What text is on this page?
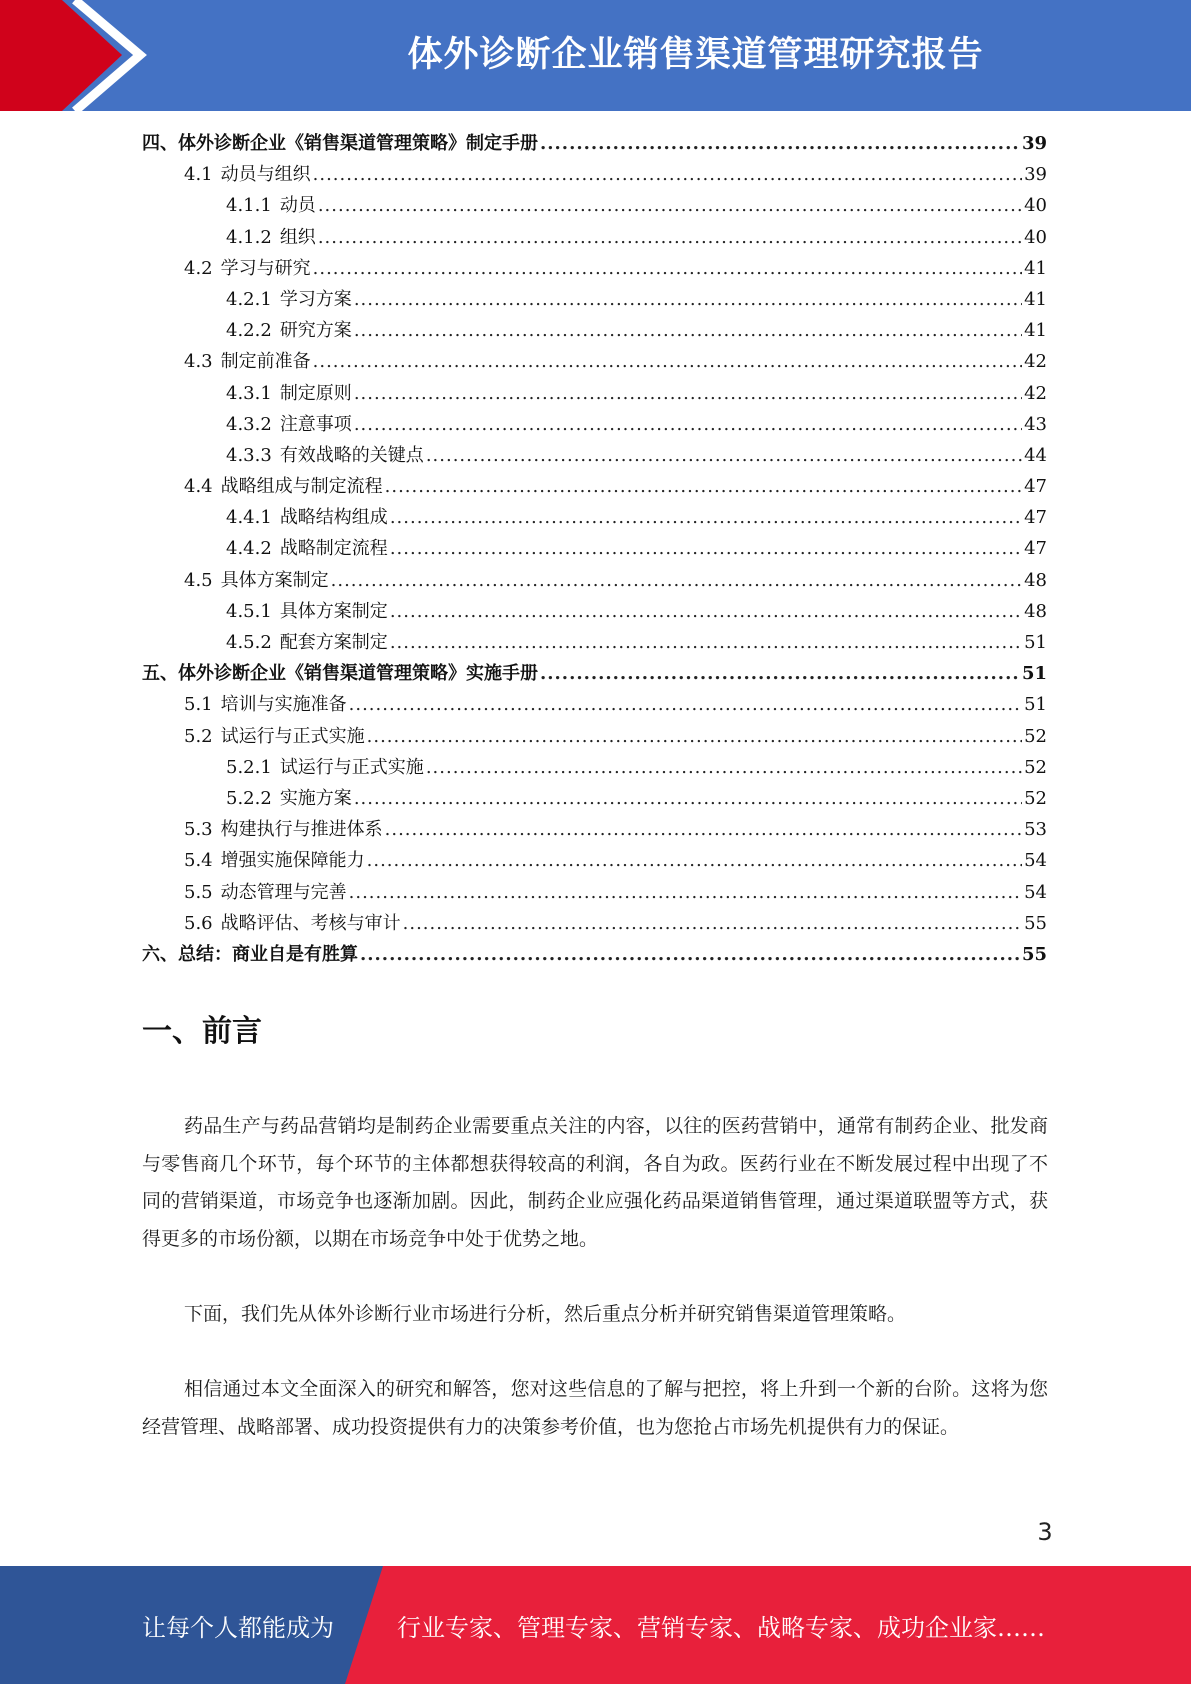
体外诊断企业销售渠道管理研究报告
四、 体外诊断企业《销售渠道管理策略》制定手册 .....	39
4.1 动员与组织 .....	39
4.1.1 动员 .....	40
4.1.2 组织 .....	40
4.2 学习与研究 .....	41
4.2.1 学习方案 .....	41
4.2.2 研究方案 .....	41
4.3 制定前准备 .....	42
4.3.1 制定原则 .....	42
4.3.2 注意事项 .....	43
4.3.3 有效战略的关键点 .....	44
4.4 战略组成与制定流程 .....	47
4.4.1 战略结构组成 .....	47
4.4.2 战略制定流程 .....	47
4.5 具体方案制定 .....	48
4.5.1 具体方案制定 .....	48
4.5.2 配套方案制定 .....	51
五、 体外诊断企业《销售渠道管理策略》实施手册 .....	51
5.1 培训与实施准备 .....	51
5.2 试运行与正式实施 .....	52
5.2.1 试运行与正式实施 .....	52
5.2.2 实施方案 .....	52
5.3 构建执行与推进体系 .....	53
5.4 增强实施保障能力 .....	54
5.5 动态管理与完善 .....	54
5.6 战略评估、考核与审计 .....	55
六、 总结：商业自是有胜算 .....	55
一、前言

药品生产与药品营销均是制药企业需要重点关注的内容，以往的医药营销中，通常有制药企业、批发商与零售商几个环节，每个环节的主体都想获得较高的利润，各自为政。医药行业在不断发展过程中出现了不同的营销渠道，市场竞争也逐渐加剧。因此，制药企业应强化药品渠道销售管理，通过渠道联盟等方式，获得更多的市场份额，以期在市场竞争中处于优势之地。

下面，我们先从体外诊断行业市场进行分析，然后重点分析并研究销售渠道管理策略。

相信通过本文全面深入的研究和解答，您对这些信息的了解与把控，将上升到一个新的台阶。这将为您经营管理、战略部署、成功投资提供有力的决策参考价值，也为您抢占市场先机提供有力的保证。

3
让每个人都能成为	行业专家、管理专家、营销专家、战略专家、成功企业家……
